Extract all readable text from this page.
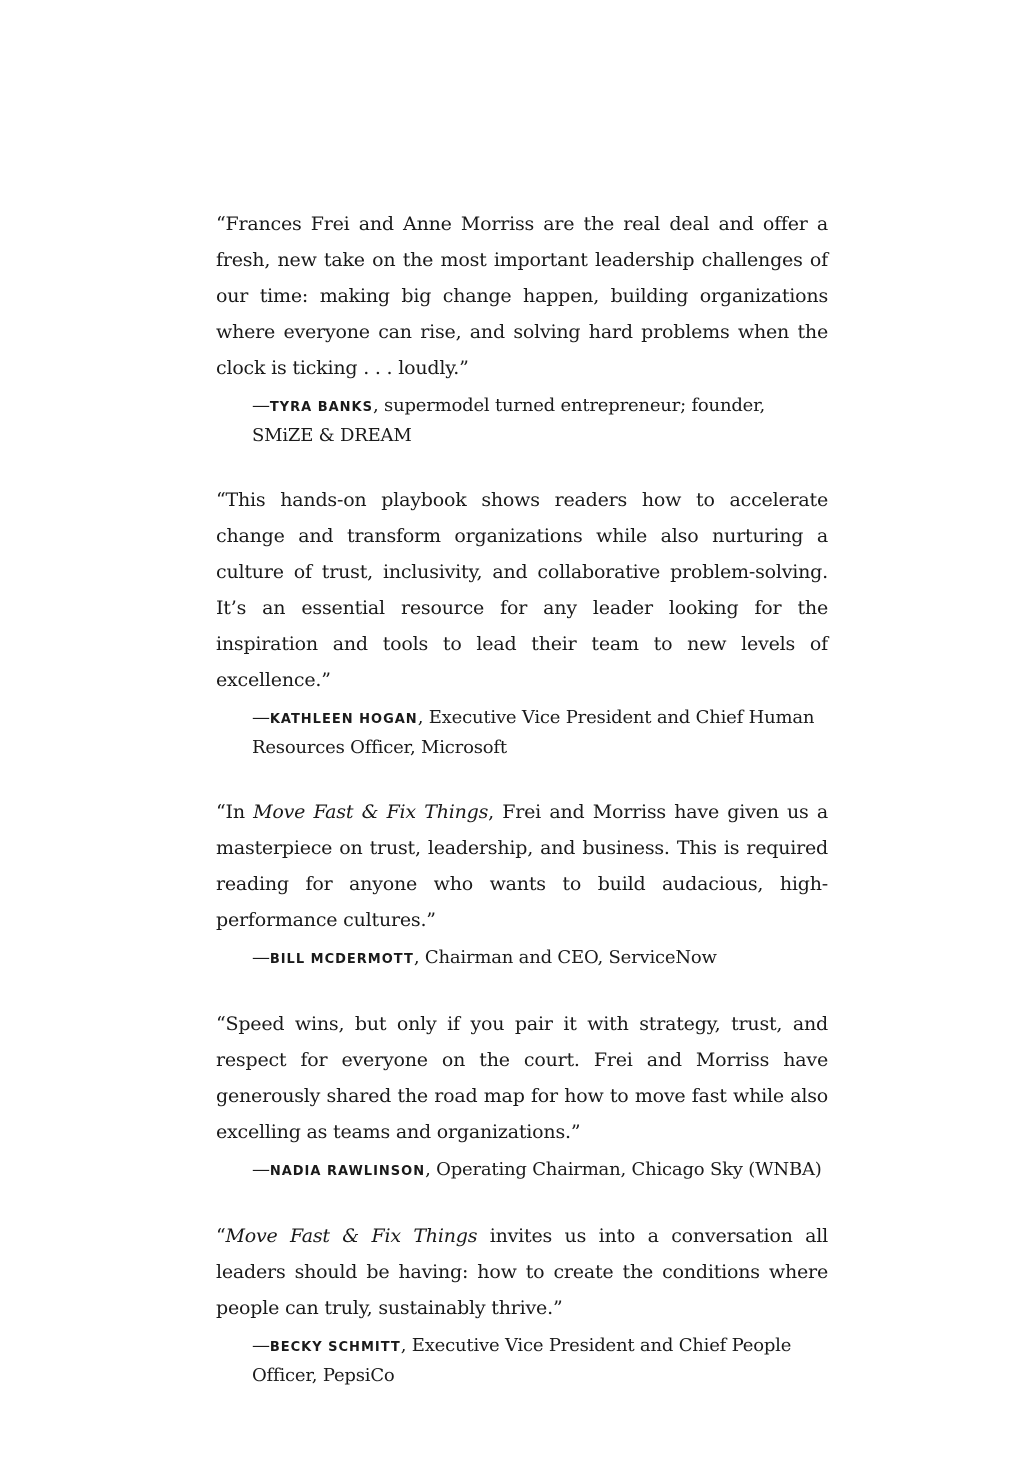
“Frances Frei and Anne Morriss are the real deal and offer a fresh, new take on the most important leadership challenges of our time: making big change happen, building organizations where everyone can rise, and solving hard problems when the clock is ticking . . . loudly.”

—TYRA BANKS, supermodel turned entrepreneur; founder, SMiZE & DREAM

“This hands-on playbook shows readers how to accelerate change and transform organizations while also nurturing a culture of trust, inclusivity, and collaborative problem-solving. It’s an essential resource for any leader looking for the inspiration and tools to lead their team to new levels of excellence.”

—KATHLEEN HOGAN, Executive Vice President and Chief Human Resources Officer, Microsoft

“In Move Fast & Fix Things, Frei and Morriss have given us a masterpiece on trust, leadership, and business. This is required reading for anyone who wants to build audacious, high-performance cultures.”

—BILL MCDERMOTT, Chairman and CEO, ServiceNow

“Speed wins, but only if you pair it with strategy, trust, and respect for everyone on the court. Frei and Morriss have generously shared the road map for how to move fast while also excelling as teams and organizations.”

—NADIA RAWLINSON, Operating Chairman, Chicago Sky (WNBA)

“Move Fast & Fix Things invites us into a conversation all leaders should be having: how to create the conditions where people can truly, sustainably thrive.”

—BECKY SCHMITT, Executive Vice President and Chief People Officer, PepsiCo
